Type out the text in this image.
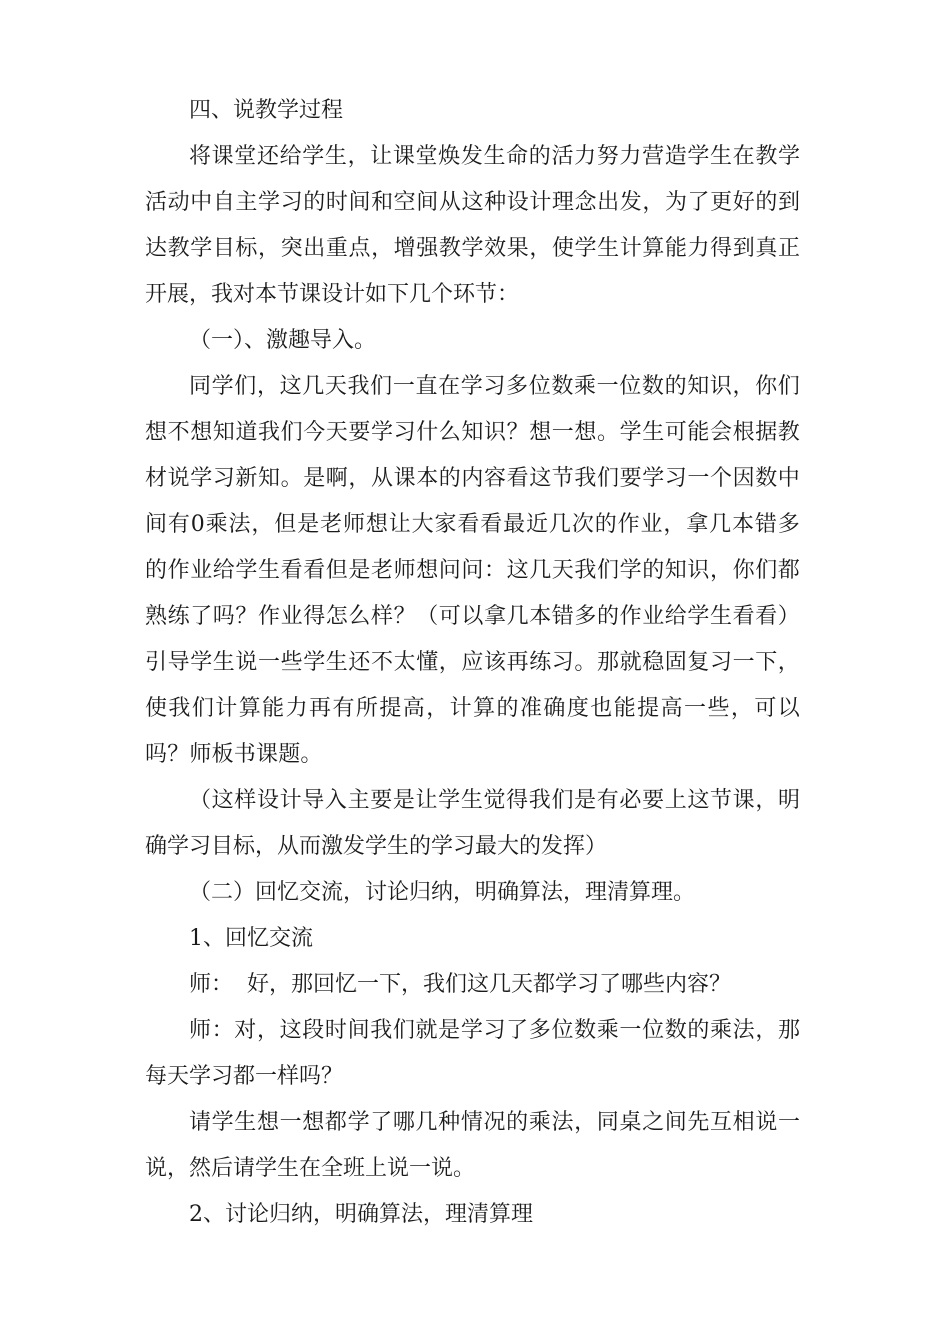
四、说教学过程

将课堂还给学生，让课堂焕发生命的活力努力营造学生在教学活动中自主学习的时间和空间从这种设计理念出发，为了更好的到达教学目标，突出重点，增强教学效果，使学生计算能力得到真正开展，我对本节课设计如下几个环节：

（一）、激趣导入。

同学们，这几天我们一直在学习多位数乘一位数的知识，你们想不想知道我们今天要学习什么知识？想一想。学生可能会根据教材说学习新知。是啊，从课本的内容看这节我们要学习一个因数中间有0乘法，但是老师想让大家看看最近几次的作业，拿几本错多的作业给学生看看但是老师想问问：这几天我们学的知识，你们都熟练了吗？作业得怎么样？（可以拿几本错多的作业给学生看看）引导学生说一些学生还不太懂，应该再练习。那就稳固复习一下，使我们计算能力再有所提高，计算的准确度也能提高一些，可以吗？师板书课题。

（这样设计导入主要是让学生觉得我们是有必要上这节课，明确学习目标，从而激发学生的学习最大的发挥）

（二）回忆交流，讨论归纳，明确算法，理清算理。

1、回忆交流

师：  好，那回忆一下，我们这几天都学习了哪些内容？

师：对，这段时间我们就是学习了多位数乘一位数的乘法，那每天学习都一样吗？

请学生想一想都学了哪几种情况的乘法，同桌之间先互相说一说，然后请学生在全班上说一说。

2、讨论归纳，明确算法，理清算理
